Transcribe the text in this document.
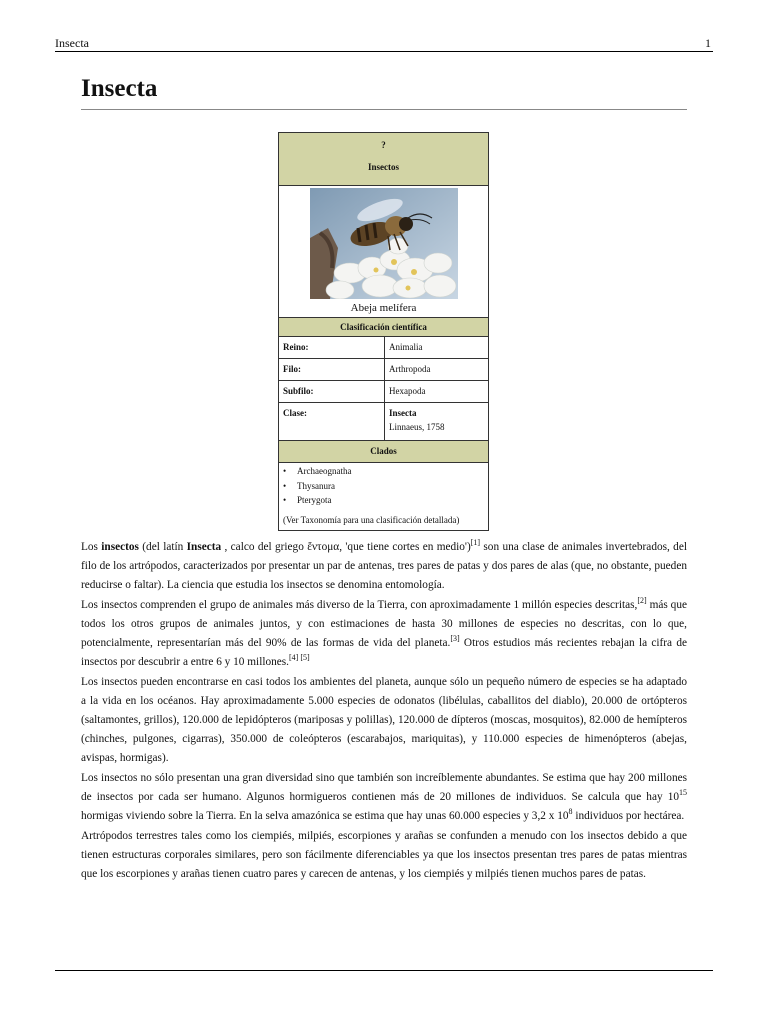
Insecta	1
Insecta
?
Insectos
Abeja melífera
Clasificación científica
Reino:	Animalia
Filo:	Arthropoda
Subfilo:	Hexapoda
Clase:	Insecta
Linnaeus, 1758
Clados
• Archaeognatha
• Thysanura
• Pterygota
(Ver Taxonomía para una clasificación detallada)

Los insectos (del latín Insecta , calco del griego ἔντομα, 'que tiene cortes en medio')[1] son una clase de animales invertebrados, del filo de los artrópodos, caracterizados por presentar un par de antenas, tres pares de patas y dos pares de alas (que, no obstante, pueden reducirse o faltar). La ciencia que estudia los insectos se denomina entomología.

Los insectos comprenden el grupo de animales más diverso de la Tierra, con aproximadamente 1 millón especies descritas,[2] más que todos los otros grupos de animales juntos, y con estimaciones de hasta 30 millones de especies no descritas, con lo que, potencialmente, representarían más del 90% de las formas de vida del planeta.[3] Otros estudios más recientes rebajan la cifra de insectos por descubrir a entre 6 y 10 millones.[4] [5]

Los insectos pueden encontrarse en casi todos los ambientes del planeta, aunque sólo un pequeño número de especies se ha adaptado a la vida en los océanos. Hay aproximadamente 5.000 especies de odonatos (libélulas, caballitos del diablo), 20.000 de ortópteros (saltamontes, grillos), 120.000 de lepidópteros (mariposas y polillas), 120.000 de dípteros (moscas, mosquitos), 82.000 de hemípteros (chinches, pulgones, cigarras), 350.000 de coleópteros (escarabajos, mariquitas), y 110.000 especies de himenópteros (abejas, avispas, hormigas).

Los insectos no sólo presentan una gran diversidad sino que también son increíblemente abundantes. Se estima que hay 200 millones de insectos por cada ser humano. Algunos hormigueros contienen más de 20 millones de individuos. Se calcula que hay $10^{15}$ hormigas viviendo sobre la Tierra. En la selva amazónica se estima que hay unas 60.000 especies y 3,2 x $10^8$ individuos por hectárea.

Artrópodos terrestres tales como los ciempiés, milpiés, escorpiones y arañas se confunden a menudo con los insectos debido a que tienen estructuras corporales similares, pero son fácilmente diferenciables ya que los insectos presentan tres pares de patas mientras que los escorpiones y arañas tienen cuatro pares y carecen de antenas, y los ciempiés y milpiés tienen muchos pares de patas.
